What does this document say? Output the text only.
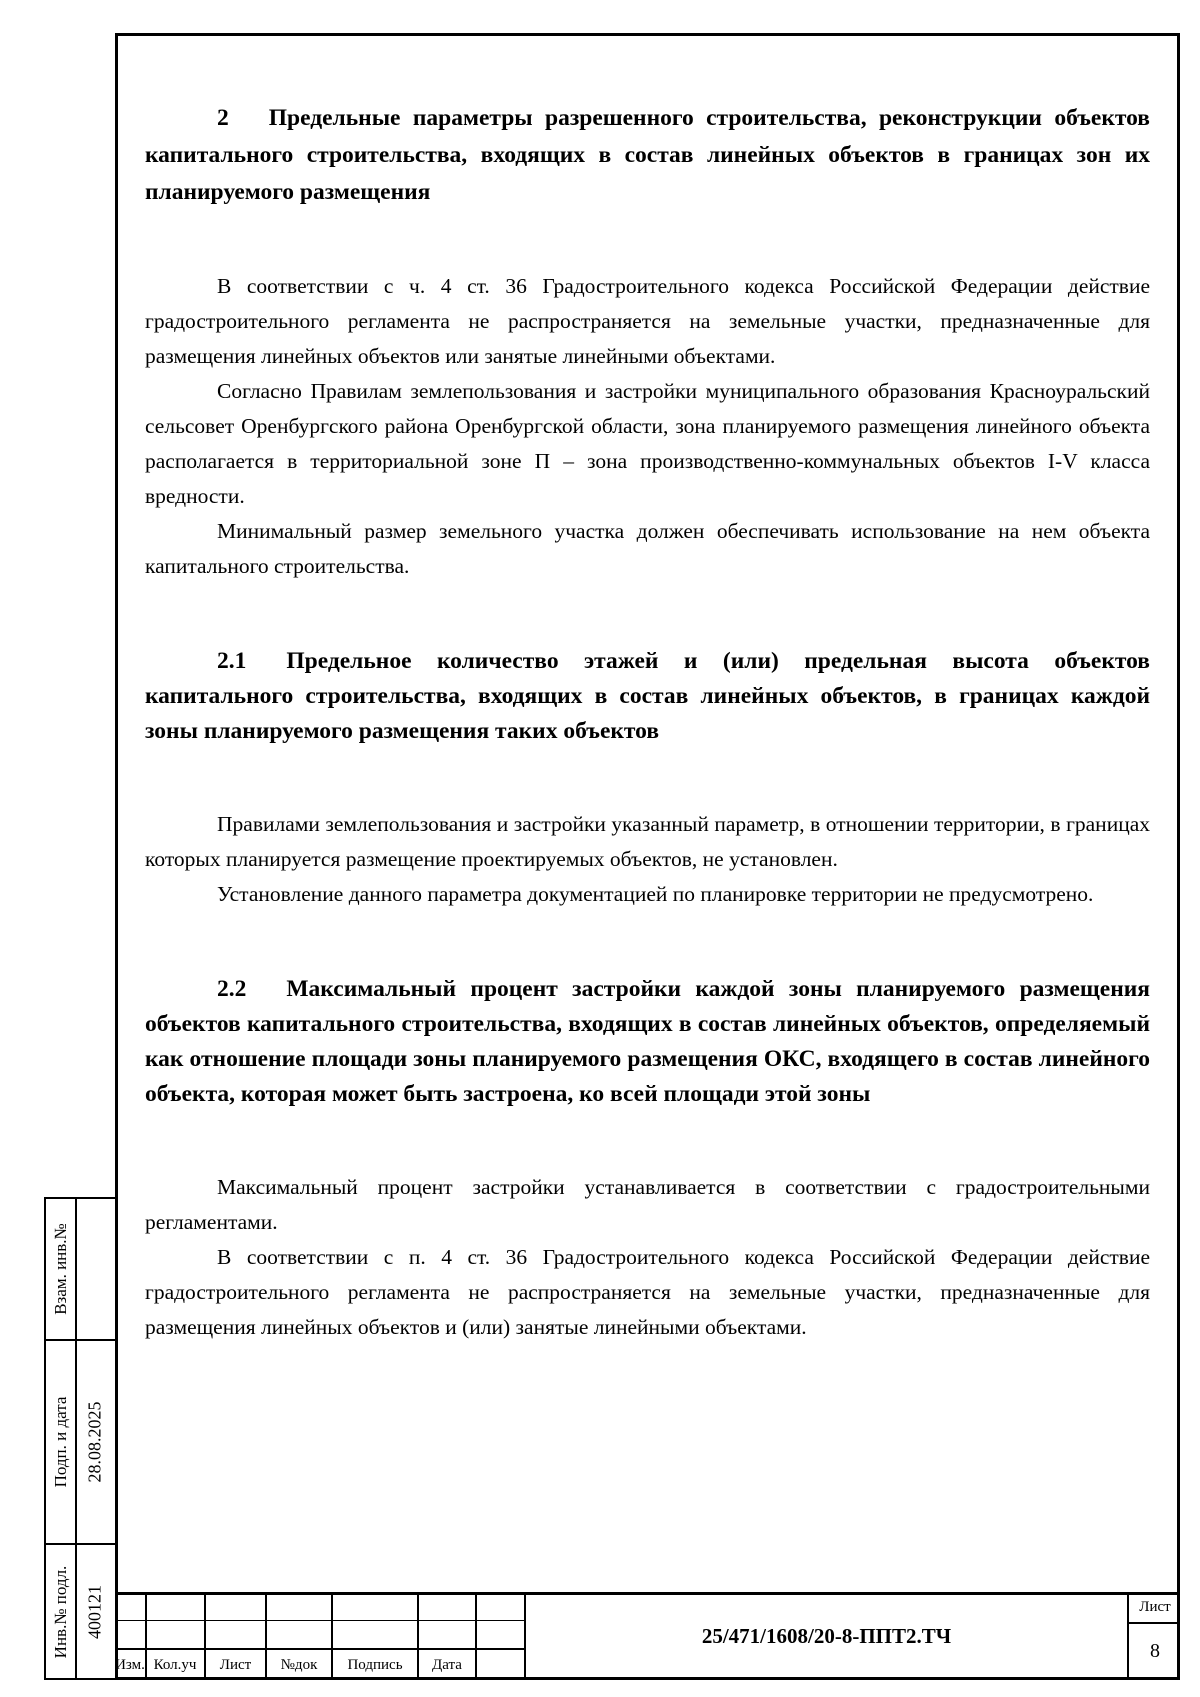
2 Предельные параметры разрешенного строительства, реконструкции объектов капитального строительства, входящих в состав линейных объектов в границах зон их планируемого размещения

В соответствии с ч. 4 ст. 36 Градостроительного кодекса Российской Федерации действие градостроительного регламента не распространяется на земельные участки, предназначенные для размещения линейных объектов или занятые линейными объектами.

Согласно Правилам землепользования и застройки муниципального образования Красноуральский сельсовет Оренбургского района Оренбургской области, зона планируемого размещения линейного объекта располагается в территориальной зоне П – зона производственно-коммунальных объектов I-V класса вредности.

Минимальный размер земельного участка должен обеспечивать использование на нем объекта капитального строительства.

2.1 Предельное количество этажей и (или) предельная высота объектов капитального строительства, входящих в состав линейных объектов, в границах каждой зоны планируемого размещения таких объектов

Правилами землепользования и застройки указанный параметр, в отношении территории, в границах которых планируется размещение проектируемых объектов, не установлен.

Установление данного параметра документацией по планировке территории не предусмотрено.

2.2 Максимальный процент застройки каждой зоны планируемого размещения объектов капитального строительства, входящих в состав линейных объектов, определяемый как отношение площади зоны планируемого размещения ОКС, входящего в состав линейного объекта, которая может быть застроена, ко всей площади этой зоны

Максимальный процент застройки устанавливается в соответствии с градостроительными регламентами.

В соответствии с п. 4 ст. 36 Градостроительного кодекса Российской Федерации действие градостроительного регламента не распространяется на земельные участки, предназначенные для размещения линейных объектов и (или) занятые линейными объектами.

Взам. инв.№
Подп. и дата 28.08.2025
Инв.№ подл. 400121
Изм. Кол.уч	Лист	№док	Подпись	Дата
25/471/1608/20-8-ППТ2.ТЧ
Лист
8
